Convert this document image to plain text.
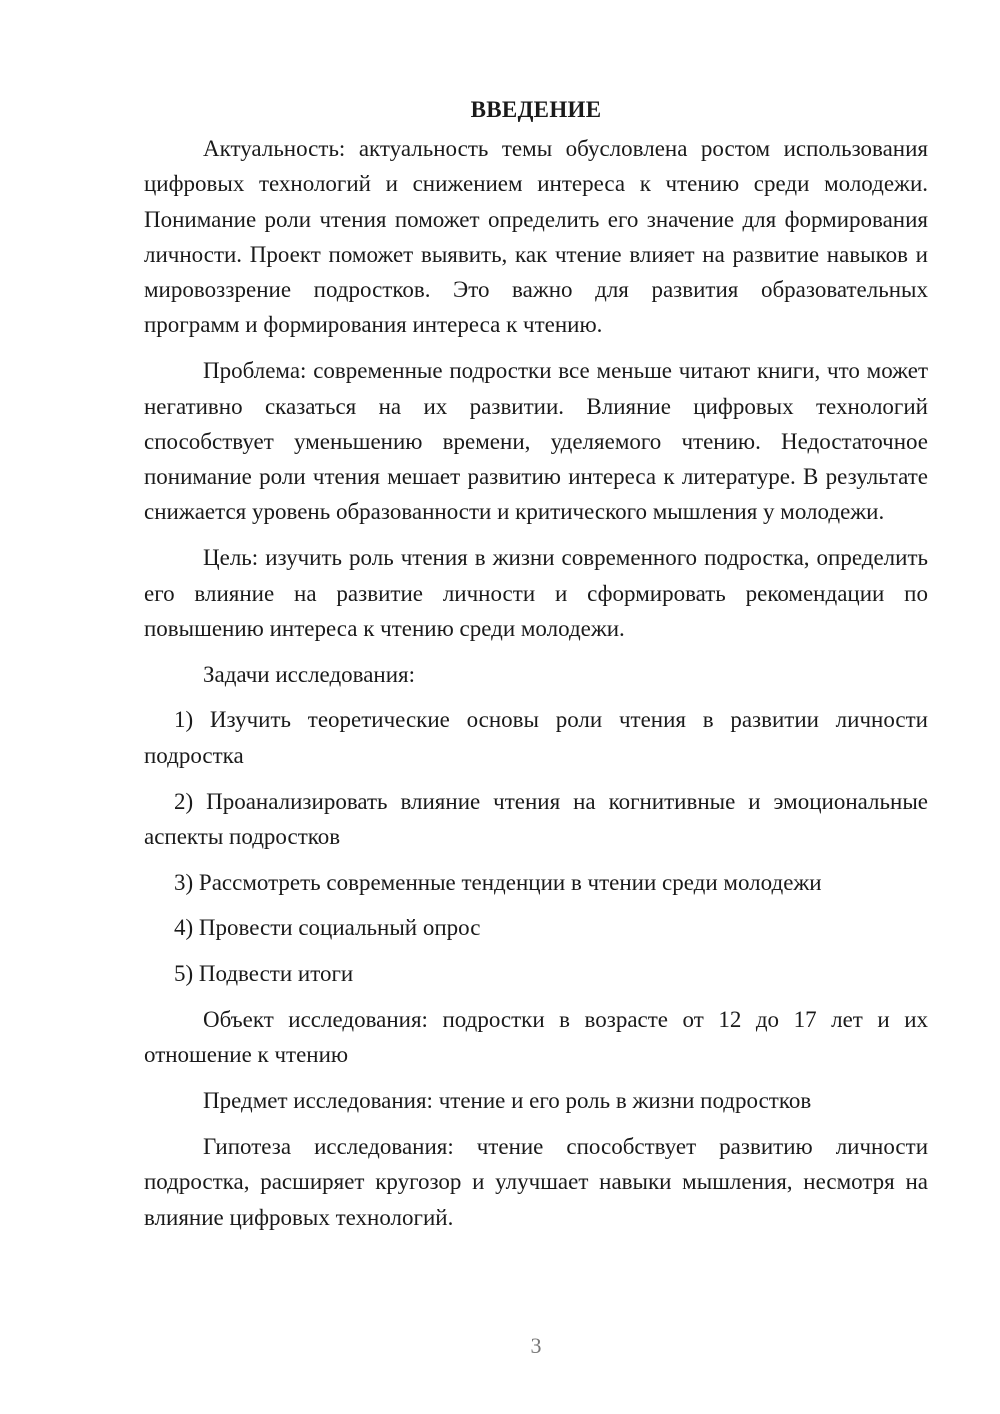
ВВЕДЕНИЕ

Актуальность: актуальность темы обусловлена ростом использования цифровых технологий и снижением интереса к чтению среди молодежи. Понимание роли чтения поможет определить его значение для формирования личности. Проект поможет выявить, как чтение влияет на развитие навыков и мировоззрение подростков. Это важно для развития образовательных программ и формирования интереса к чтению.

Проблема: современные подростки все меньше читают книги, что может негативно сказаться на их развитии. Влияние цифровых технологий способствует уменьшению времени, уделяемого чтению. Недостаточное понимание роли чтения мешает развитию интереса к литературе. В результате снижается уровень образованности и критического мышления у молодежи.

Цель: изучить роль чтения в жизни современного подростка, определить его влияние на развитие личности и сформировать рекомендации по повышению интереса к чтению среди молодежи.

Задачи исследования:

1) Изучить теоретические основы роли чтения в развитии личности подростка

2) Проанализировать влияние чтения на когнитивные и эмоциональные аспекты подростков

3) Рассмотреть современные тенденции в чтении среди молодежи

4) Провести социальный опрос

5) Подвести итоги

Объект исследования: подростки в возрасте от 12 до 17 лет и их отношение к чтению

Предмет исследования: чтение и его роль в жизни подростков

Гипотеза исследования: чтение способствует развитию личности подростка, расширяет кругозор и улучшает навыки мышления, несмотря на влияние цифровых технологий.

3
